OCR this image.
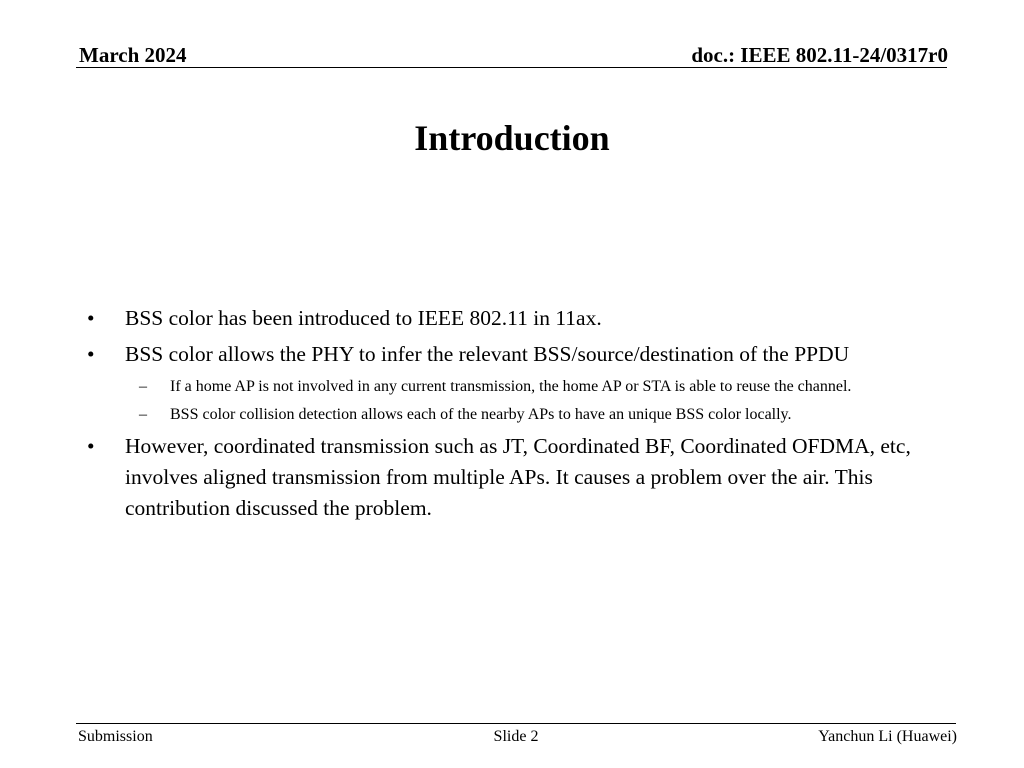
March 2024	doc.: IEEE 802.11-24/0317r0
Introduction
• BSS color has been introduced to IEEE 802.11 in 11ax.
• BSS color allows the PHY to infer the relevant BSS/source/destination of the PPDU
– If a home AP is not involved in any current transmission, the home AP or STA is able to reuse the channel.
– BSS color collision detection allows each of the nearby APs to have an unique BSS color locally.
• However, coordinated transmission such as JT, Coordinated BF, Coordinated OFDMA, etc, involves aligned transmission from multiple APs. It causes a problem over the air. This contribution discussed the problem.
Submission	Slide 2	Yanchun Li (Huawei)
